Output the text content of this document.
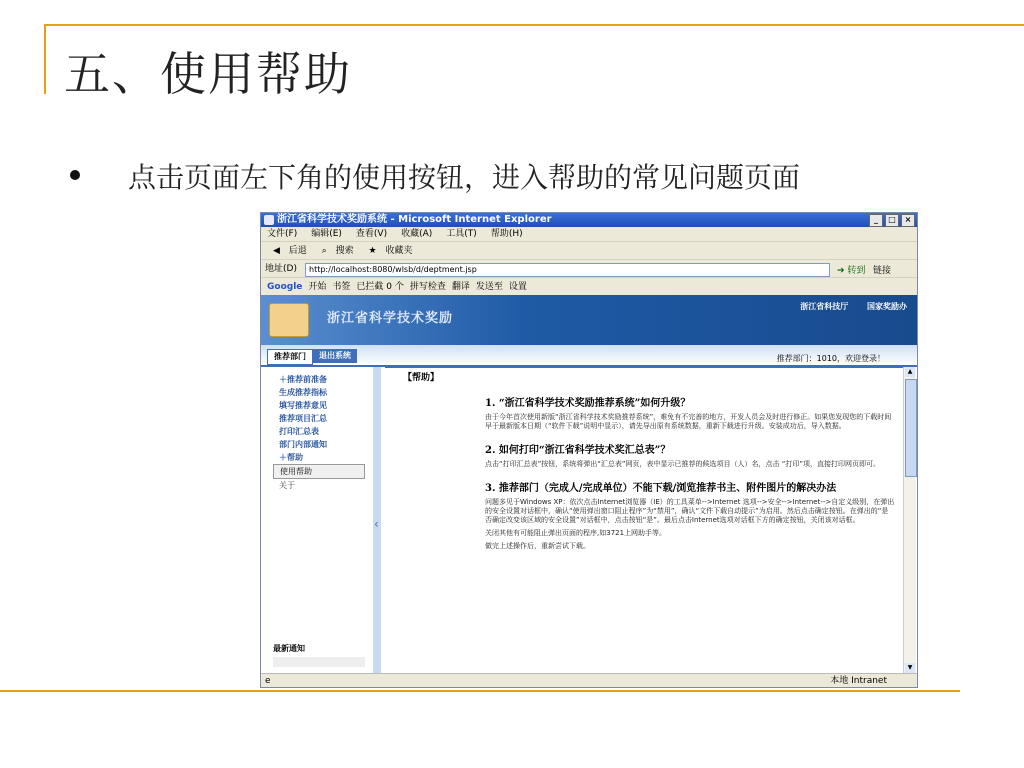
五、使用帮助
点击页面左下角的使用按钮，进入帮助的常见问题页面
浙江省科学技术奖励系统 - Microsoft Internet Explorer	_	□	×
文件(F) 编辑(E) 查看(V) 收藏(A) 工具(T) 帮助(H)
◀ 后退 ⌕ 搜索 ★ 收藏夹
地址(D)	http://localhost:8080/wlsb/d/deptment.jsp	➔ 转到 链接
Google 开始 书签 已拦截 0 个 拼写检查 翻译 发送至 设置
浙江省科学技术奖励
浙江省科技厅 国家奖励办
推荐部门	退出系统	推荐部门：1010，欢迎登录！
＋推荐前准备
生成推荐指标
填写推荐意见
推荐项目汇总
打印汇总表
部门内部通知
＋帮助
使用帮助
关于
最新通知
‹
【帮助】
1. “浙江省科学技术奖励推荐系统”如何升级？
由于今年首次使用新版“浙江省科学技术奖励推荐系统”，难免有不完善的地方，开发人员会及时进行修正。如果您发现您的下载时间早于最新版本日期（“软件下载”说明中显示），请先导出原有系统数据，重新下载进行升级。安装成功后，导入数据。
2. 如何打印“浙江省科学技术奖汇总表”？
点击“打印汇总表”按钮，系统将弹出“汇总表”网页，表中显示已推荐的候选项目（人）名，点击 “打印”项，直接打印网页即可。
3. 推荐部门（完成人/完成单位）不能下载/浏览推荐书主、附件图片的解决办法
问题多见于Windows XP：依次点击Internet浏览器（IE）的工具菜单-->Internet 选项-->安全-->Internet-->自定义级别，在弹出的安全设置对话框中，确认“使用弹出窗口阻止程序”为“禁用”，确认“文件下载自动提示”为启用。然后点击确定按钮。在弹出的“是否确定改变该区域的安全设置”对话框中，点击按钮“是”。最后点击Internet选项对话框下方的确定按钮，关闭该对话框。
关闭其他有可能阻止弹出页面的程序,如3721上网助手等。
做完上述操作后，重新尝试下载。
▲
▼
e	本地 Intranet
